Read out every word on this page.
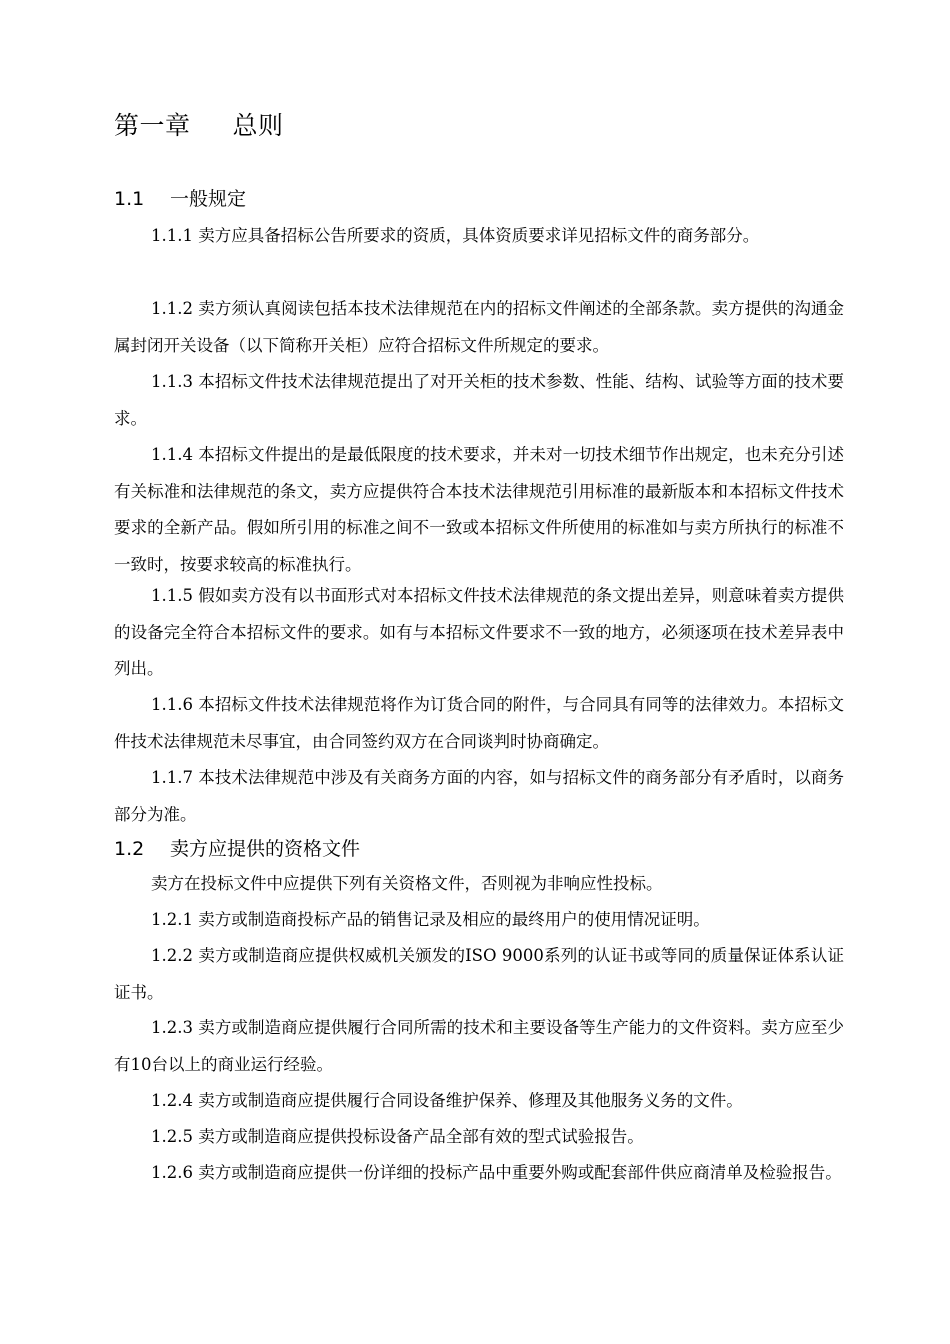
第一章 总则
1.1 一般规定

1.1.1 卖方应具备招标公告所要求的资质，具体资质要求详见招标文件的商务部分。

1.1.2 卖方须认真阅读包括本技术法律规范在内的招标文件阐述的全部条款。卖方提供的沟通金属封闭开关设备（以下简称开关柜）应符合招标文件所规定的要求。

1.1.3 本招标文件技术法律规范提出了对开关柜的技术参数、性能、结构、试验等方面的技术要求。

1.1.4 本招标文件提出的是最低限度的技术要求，并未对一切技术细节作出规定，也未充分引述有关标准和法律规范的条文，卖方应提供符合本技术法律规范引用标准的最新版本和本招标文件技术要求的全新产品。假如所引用的标准之间不一致或本招标文件所使用的标准如与卖方所执行的标准不一致时，按要求较高的标准执行。

1.1.5 假如卖方没有以书面形式对本招标文件技术法律规范的条文提出差异，则意味着卖方提供的设备完全符合本招标文件的要求。如有与本招标文件要求不一致的地方，必须逐项在技术差异表中列出。

1.1.6 本招标文件技术法律规范将作为订货合同的附件，与合同具有同等的法律效力。本招标文件技术法律规范未尽事宜，由合同签约双方在合同谈判时协商确定。

1.1.7 本技术法律规范中涉及有关商务方面的内容，如与招标文件的商务部分有矛盾时，以商务部分为准。

1.2 卖方应提供的资格文件

卖方在投标文件中应提供下列有关资格文件，否则视为非响应性投标。

1.2.1 卖方或制造商投标产品的销售记录及相应的最终用户的使用情况证明。

1.2.2 卖方或制造商应提供权威机关颁发的ISO 9000系列的认证书或等同的质量保证体系认证证书。

1.2.3 卖方或制造商应提供履行合同所需的技术和主要设备等生产能力的文件资料。卖方应至少有10台以上的商业运行经验。

1.2.4 卖方或制造商应提供履行合同设备维护保养、修理及其他服务义务的文件。

1.2.5 卖方或制造商应提供投标设备产品全部有效的型式试验报告。

1.2.6 卖方或制造商应提供一份详细的投标产品中重要外购或配套部件供应商清单及检验报告。
